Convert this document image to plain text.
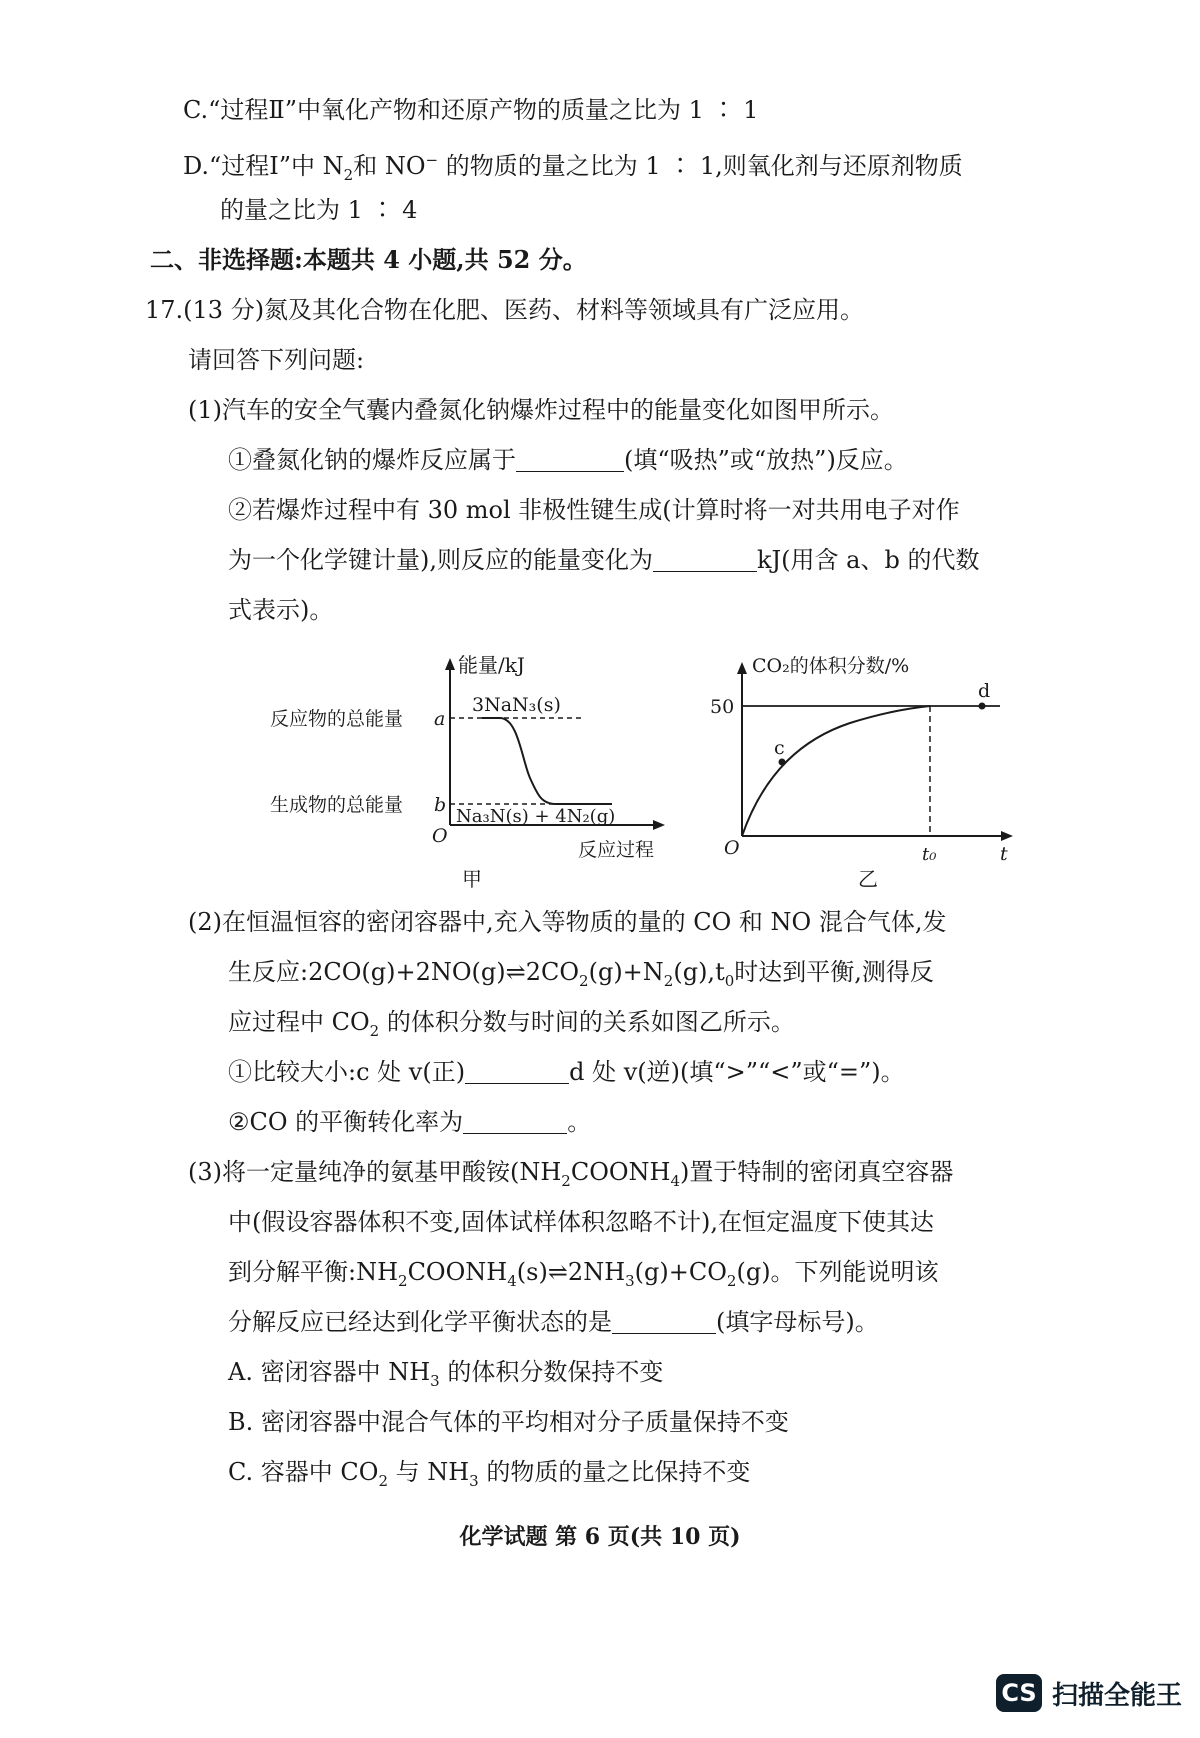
C.“过程Ⅱ”中氧化产物和还原产物的质量之比为 1 ∶ 1
D.“过程Ⅰ”中 $N_2$和 NO− 的物质的量之比为 1 ∶ 1,则氧化剂与还原剂物质
的量之比为 1 ∶ 4
二、非选择题:本题共 4 小题,共 52 分。
17.(13 分)氮及其化合物在化肥、医药、材料等领域具有广泛应用。
请回答下列问题:
(1)汽车的安全气囊内叠氮化钠爆炸过程中的能量变化如图甲所示。
①叠氮化钠的爆炸反应属于	(填“吸热”或“放热”)反应。
②若爆炸过程中有 30 mol 非极性键生成(计算时将一对共用电子对作
为一个化学键计量),则反应的能量变化为	kJ(用含 a、b 的代数
式表示)。
能量/kJ
3NaN₃(s)
反应物的总能量 a
生成物的总能量 b
Na₃N(s) + 4N₂(g)
O
反应过程
甲
CO₂的体积分数/%
50
c
d
O	t₀	t
乙
(2)在恒温恒容的密闭容器中,充入等物质的量的 CO 和 NO 混合气体,发
生反应$:2CO(g)+2NO(g)\rightleftharpoons 2CO_2(g)+N_2(g),t_0$时达到平衡,测得反
应过程中 $CO_2$ 的体积分数与时间的关系如图乙所示。
①比较大小:c 处 v(正)	d 处 v(逆)(填“>”“<”或“=”)。
②CO 的平衡转化率为	。
(3)将一定量纯净的氨基甲酸铵$(NH_2COONH_4)$置于特制的密闭真空容器
中(假设容器体积不变,固体试样体积忽略不计),在恒定温度下使其达
到分解平衡$:NH_2COONH_4(s)\rightleftharpoons 2NH_3(g)+CO_2(g)$。下列能说明该
分解反应已经达到化学平衡状态的是	(填字母标号)。
A. 密闭容器中 $NH_3$ 的体积分数保持不变
B. 密闭容器中混合气体的平均相对分子质量保持不变
C. 容器中 $CO_2$ 与 $NH_3$ 的物质的量之比保持不变
化学试题 第 6 页(共 10 页)
CS 扫描全能王
